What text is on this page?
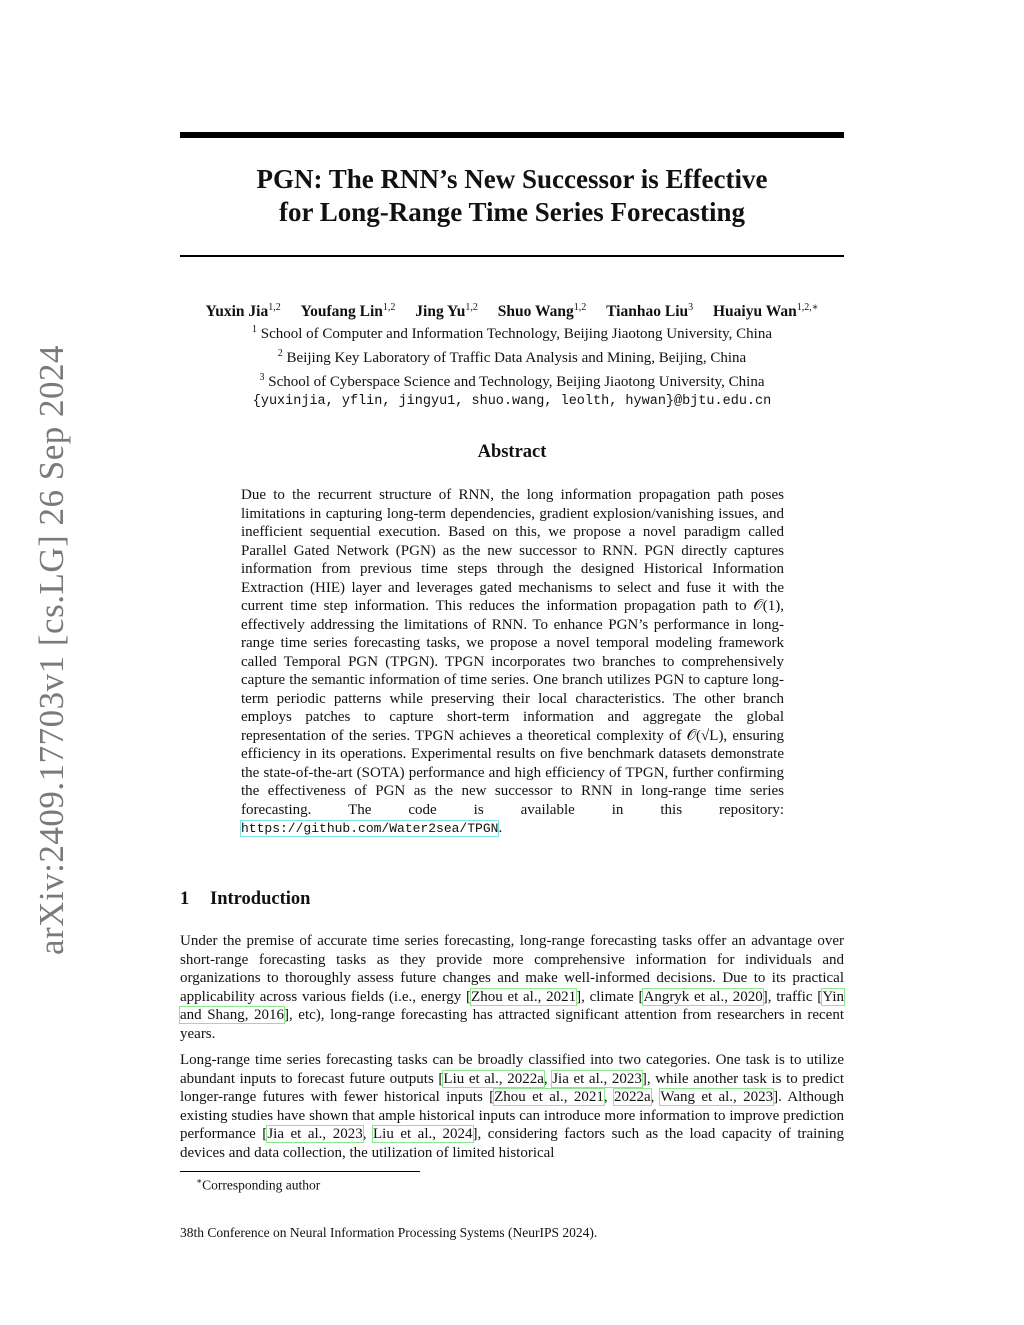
arXiv:2409.17703v1 [cs.LG] 26 Sep 2024
PGN: The RNN’s New Successor is Effective
for Long-Range Time Series Forecasting
Yuxin Jia$^{1,2}$ Youfang Lin$^{1,2}$ Jing Yu$^{1,2}$ Shuo Wang$^{1,2}$ Tianhao Liu$^3$ Huaiyu Wan$^{1,2,∗}$
$^1$ School of Computer and Information Technology, Beijing Jiaotong University, China
$^2$ Beijing Key Laboratory of Traffic Data Analysis and Mining, Beijing, China
$^3$ School of Cyberspace Science and Technology, Beijing Jiaotong University, China
{yuxinjia, yflin, jingyu1, shuo.wang, leolth, hywan}@bjtu.edu.cn
Abstract
Due to the recurrent structure of RNN, the long information propagation path poses limitations in capturing long-term dependencies, gradient explosion/vanishing issues, and inefficient sequential execution. Based on this, we propose a novel paradigm called Parallel Gated Network (PGN) as the new successor to RNN. PGN directly captures information from previous time steps through the designed Historical Information Extraction (HIE) layer and leverages gated mechanisms to select and fuse it with the current time step information. This reduces the information propagation path to 𝒪(1), effectively addressing the limitations of RNN. To enhance PGN’s performance in long-range time series forecasting tasks, we propose a novel temporal modeling framework called Temporal PGN (TPGN). TPGN incorporates two branches to comprehensively capture the semantic information of time series. One branch utilizes PGN to capture long-term periodic patterns while preserving their local characteristics. The other branch employs patches to capture short-term information and aggregate the global representation of the series. TPGN achieves a theoretical complexity of 𝒪(√L), ensuring efficiency in its operations. Experimental results on five benchmark datasets demonstrate the state-of-the-art (SOTA) performance and high efficiency of TPGN, further confirming the effectiveness of PGN as the new successor to RNN in long-range time series forecasting. The code is available in this repository: https://github.com/Water2sea/TPGN.
1 Introduction

Under the premise of accurate time series forecasting, long-range forecasting tasks offer an advantage over short-range forecasting tasks as they provide more comprehensive information for individuals and organizations to thoroughly assess future changes and make well-informed decisions. Due to its practical applicability across various fields (i.e., energy [Zhou et al., 2021], climate [Angryk et al., 2020], traffic [Yin and Shang, 2016], etc), long-range forecasting has attracted significant attention from researchers in recent years.

Long-range time series forecasting tasks can be broadly classified into two categories. One task is to utilize abundant inputs to forecast future outputs [Liu et al., 2022a, Jia et al., 2023], while another task is to predict longer-range futures with fewer historical inputs [Zhou et al., 2021, 2022a, Wang et al., 2023]. Although existing studies have shown that ample historical inputs can introduce more information to improve prediction performance [Jia et al., 2023, Liu et al., 2024], considering factors such as the load capacity of training devices and data collection, the utilization of limited historical

∗Corresponding author
38th Conference on Neural Information Processing Systems (NeurIPS 2024).
